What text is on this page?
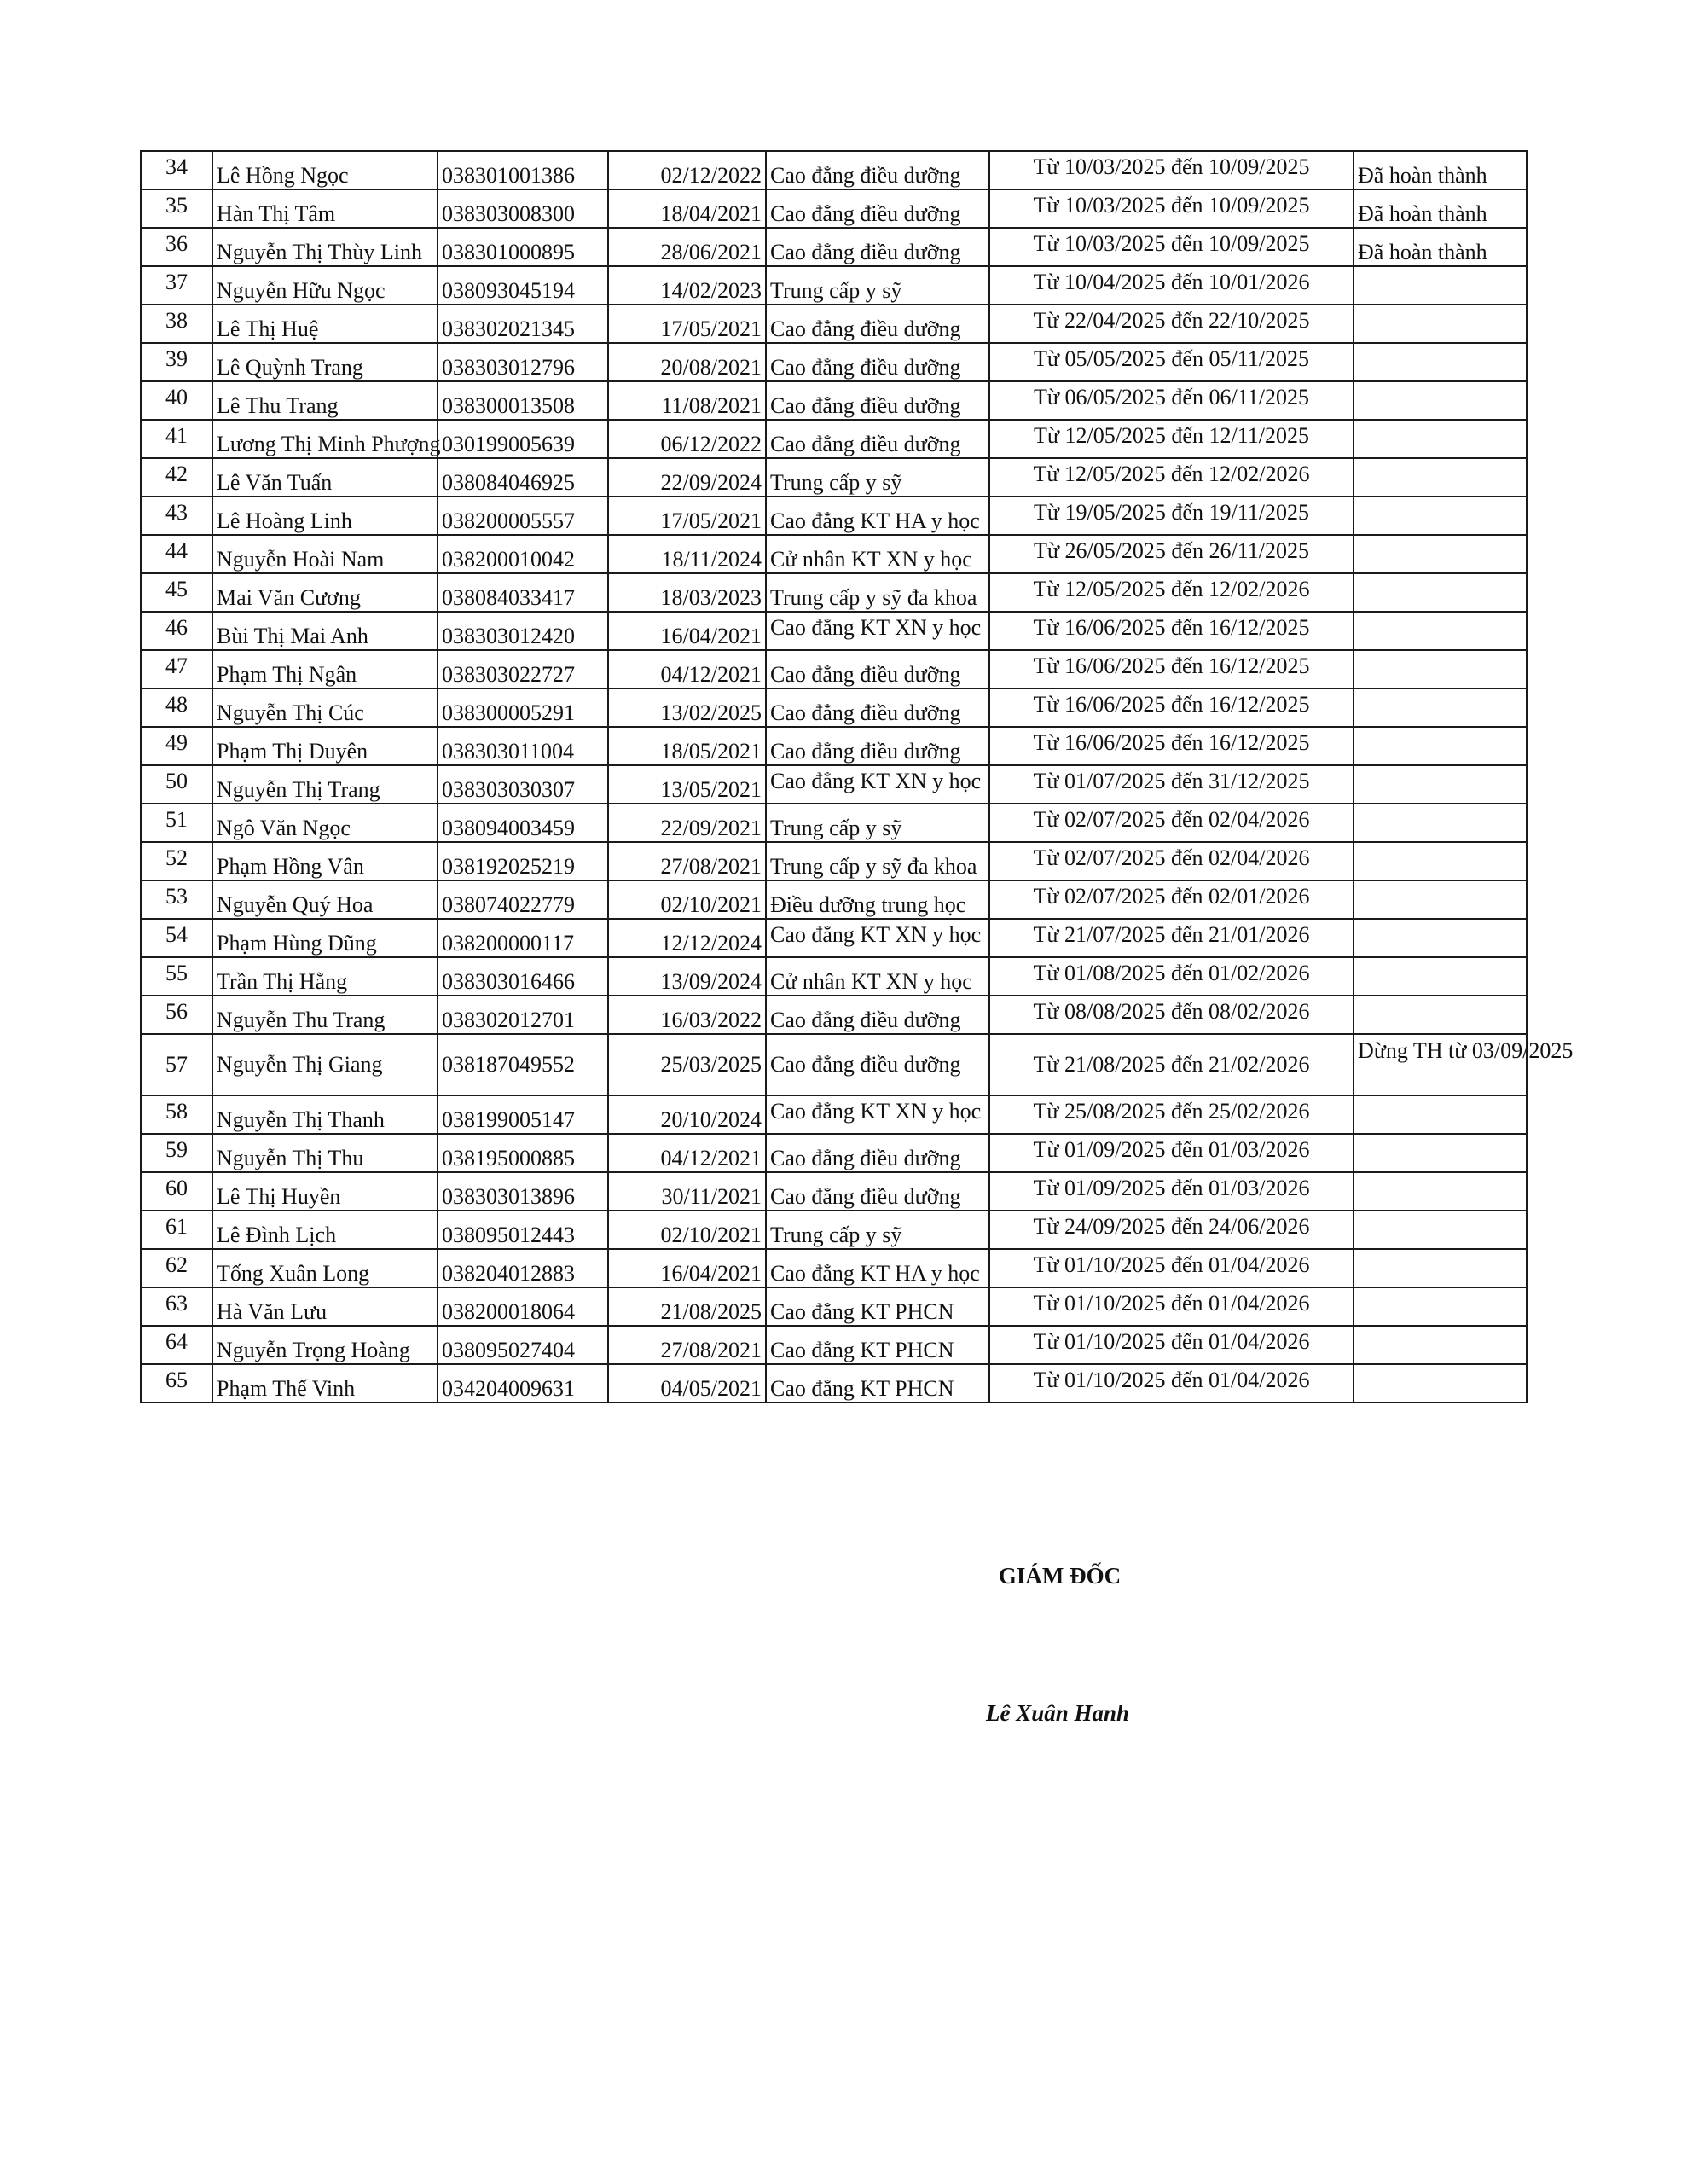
34	Lê Hồng Ngọc	038301001386	02/12/2022	Cao đẳng điều dưỡng	Từ 10/03/2025 đến 10/09/2025	Đã hoàn thành
35	Hàn Thị Tâm	038303008300	18/04/2021	Cao đẳng điều dưỡng	Từ 10/03/2025 đến 10/09/2025	Đã hoàn thành
36	Nguyễn Thị Thùy Linh	038301000895	28/06/2021	Cao đẳng điều dưỡng	Từ 10/03/2025 đến 10/09/2025	Đã hoàn thành
37	Nguyễn Hữu Ngọc	038093045194	14/02/2023	Trung cấp y sỹ	Từ 10/04/2025 đến 10/01/2026	
38	Lê Thị Huệ	038302021345	17/05/2021	Cao đẳng điều dưỡng	Từ 22/04/2025 đến 22/10/2025	
39	Lê Quỳnh Trang	038303012796	20/08/2021	Cao đẳng điều dưỡng	Từ 05/05/2025 đến 05/11/2025	
40	Lê Thu Trang	038300013508	11/08/2021	Cao đẳng điều dưỡng	Từ 06/05/2025 đến 06/11/2025	
41	Lương Thị Minh Phượng	030199005639	06/12/2022	Cao đẳng điều dưỡng	Từ 12/05/2025 đến 12/11/2025	
42	Lê Văn Tuấn	038084046925	22/09/2024	Trung cấp y sỹ	Từ 12/05/2025 đến 12/02/2026	
43	Lê Hoàng Linh	038200005557	17/05/2021	Cao đẳng KT HA y học	Từ 19/05/2025 đến 19/11/2025	
44	Nguyễn Hoài Nam	038200010042	18/11/2024	Cử nhân KT XN y học	Từ 26/05/2025 đến 26/11/2025	
45	Mai Văn Cương	038084033417	18/03/2023	Trung cấp y sỹ đa khoa	Từ 12/05/2025 đến 12/02/2026	
46	Bùi Thị Mai Anh	038303012420	16/04/2021	Cao đẳng KT XN y học	Từ 16/06/2025 đến 16/12/2025	
47	Phạm Thị Ngân	038303022727	04/12/2021	Cao đẳng điều dưỡng	Từ 16/06/2025 đến 16/12/2025	
48	Nguyễn Thị Cúc	038300005291	13/02/2025	Cao đẳng điều dưỡng	Từ 16/06/2025 đến 16/12/2025	
49	Phạm Thị Duyên	038303011004	18/05/2021	Cao đẳng điều dưỡng	Từ 16/06/2025 đến 16/12/2025	
50	Nguyễn Thị Trang	038303030307	13/05/2021	Cao đẳng KT XN y học	Từ 01/07/2025 đến 31/12/2025	
51	Ngô Văn Ngọc	038094003459	22/09/2021	Trung cấp y sỹ	Từ 02/07/2025 đến 02/04/2026	
52	Phạm Hồng Vân	038192025219	27/08/2021	Trung cấp y sỹ đa khoa	Từ 02/07/2025 đến 02/04/2026	
53	Nguyễn Quý Hoa	038074022779	02/10/2021	Điều dưỡng trung học	Từ 02/07/2025 đến 02/01/2026	
54	Phạm Hùng Dũng	038200000117	12/12/2024	Cao đẳng KT XN y học	Từ 21/07/2025 đến 21/01/2026	
55	Trần Thị Hằng	038303016466	13/09/2024	Cử nhân KT XN y học	Từ 01/08/2025 đến 01/02/2026	
56	Nguyễn Thu Trang	038302012701	16/03/2022	Cao đẳng điều dưỡng	Từ 08/08/2025 đến 08/02/2026	
57	Nguyễn Thị Giang	038187049552	25/03/2025	Cao đẳng điều dưỡng	Từ 21/08/2025 đến 21/02/2026	Dừng TH từ 03/09/2025
58	Nguyễn Thị Thanh	038199005147	20/10/2024	Cao đẳng KT XN y học	Từ 25/08/2025 đến 25/02/2026	
59	Nguyễn Thị Thu	038195000885	04/12/2021	Cao đẳng điều dưỡng	Từ 01/09/2025 đến 01/03/2026	
60	Lê Thị Huyền	038303013896	30/11/2021	Cao đẳng điều dưỡng	Từ 01/09/2025 đến 01/03/2026	
61	Lê Đình Lịch	038095012443	02/10/2021	Trung cấp y sỹ	Từ 24/09/2025 đến 24/06/2026	
62	Tống Xuân Long	038204012883	16/04/2021	Cao đẳng KT HA y học	Từ 01/10/2025 đến 01/04/2026	
63	Hà Văn Lưu	038200018064	21/08/2025	Cao đẳng KT PHCN	Từ 01/10/2025 đến 01/04/2026	
64	Nguyễn Trọng Hoàng	038095027404	27/08/2021	Cao đẳng KT PHCN	Từ 01/10/2025 đến 01/04/2026	
65	Phạm Thế Vinh	034204009631	04/05/2021	Cao đẳng KT PHCN	Từ 01/10/2025 đến 01/04/2026	
GIÁM ĐỐC
Lê Xuân Hanh
